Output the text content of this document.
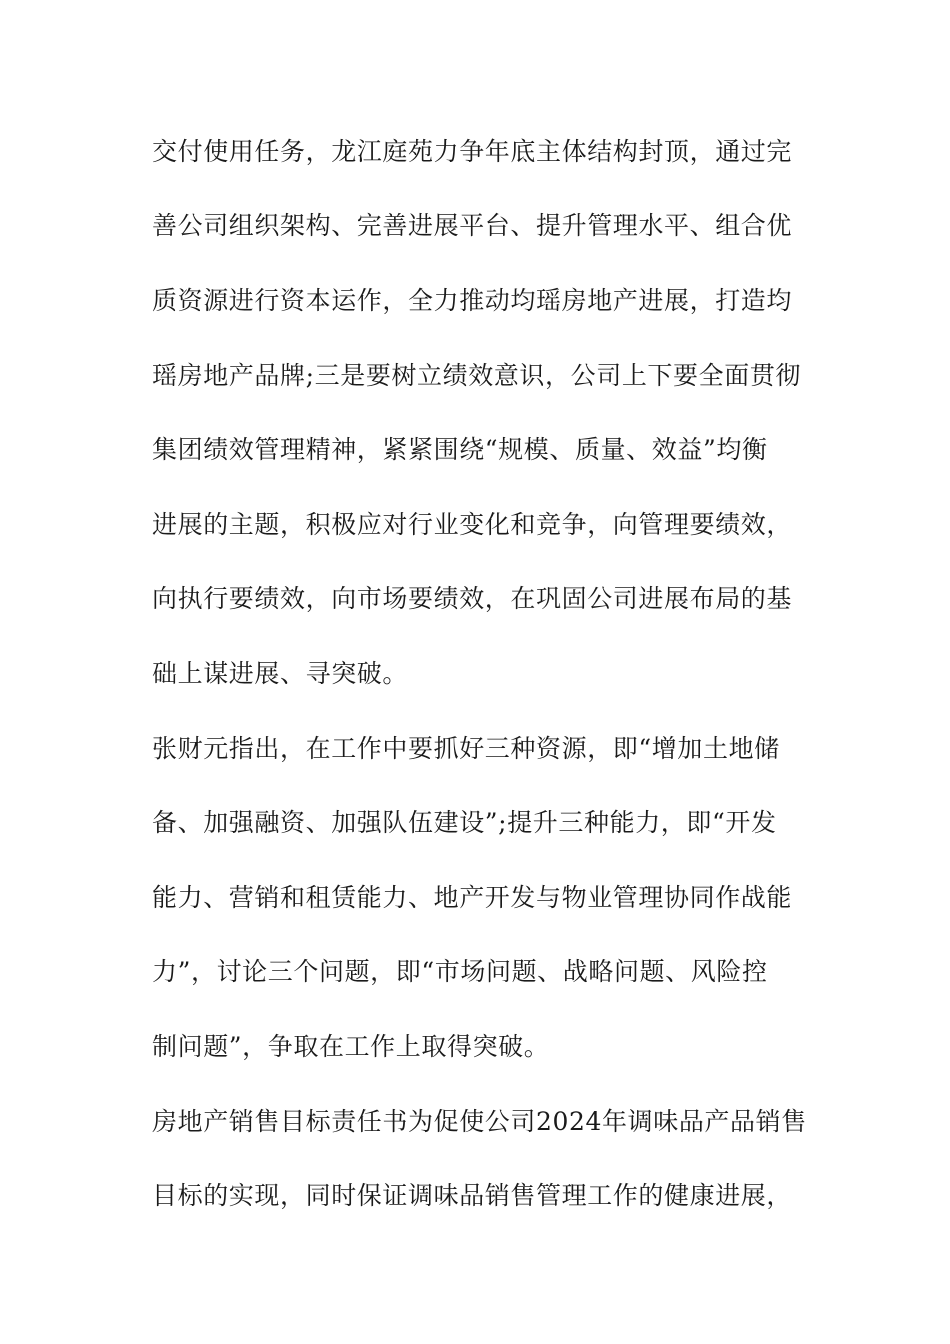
交付使用任务，龙江庭苑力争年底主体结构封顶，通过完
善公司组织架构、完善进展平台、提升管理水平、组合优
质资源进行资本运作，全力推动均瑶房地产进展，打造均
瑶房地产品牌;三是要树立绩效意识，公司上下要全面贯彻
集团绩效管理精神，紧紧围绕“规模、质量、效益”均衡
进展的主题，积极应对行业变化和竞争，向管理要绩效，
向执行要绩效，向市场要绩效，在巩固公司进展布局的基
础上谋进展、寻突破。
张财元指出，在工作中要抓好三种资源，即“增加土地储
备、加强融资、加强队伍建设”;提升三种能力，即“开发
能力、营销和租赁能力、地产开发与物业管理协同作战能
力”，讨论三个问题，即“市场问题、战略问题、风险控
制问题”，争取在工作上取得突破。
房地产销售目标责任书为促使公司2024年调味品产品销售
目标的实现，同时保证调味品销售管理工作的健康进展，
